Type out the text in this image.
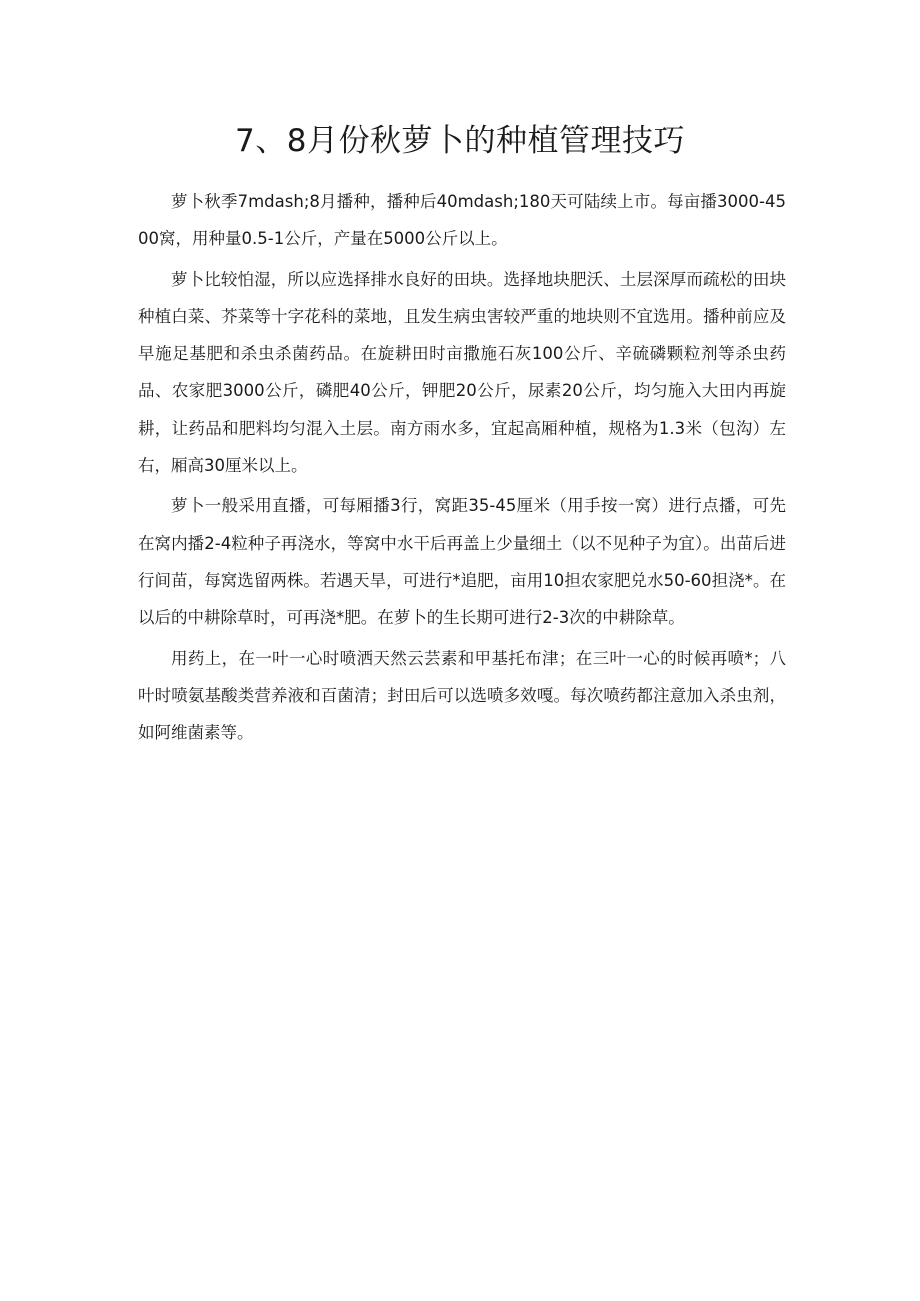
7、8月份秋萝卜的种植管理技巧

萝卜秋季7mdash;8月播种，播种后40mdash;180天可陆续上市。每亩播3000-4500窝，用种量0.5-1公斤，产量在5000公斤以上。

萝卜比较怕湿，所以应选择排水良好的田块。选择地块肥沃、土层深厚而疏松的田块种植白菜、芥菜等十字花科的菜地，且发生病虫害较严重的地块则不宜选用。播种前应及早施足基肥和杀虫杀菌药品。在旋耕田时亩撒施石灰100公斤、辛硫磷颗粒剂等杀虫药品、农家肥3000公斤，磷肥40公斤，钾肥20公斤，尿素20公斤，均匀施入大田内再旋耕，让药品和肥料均匀混入土层。南方雨水多，宜起高厢种植，规格为1.3米（包沟）左右，厢高30厘米以上。

萝卜一般采用直播，可每厢播3行，窝距35-45厘米（用手按一窝）进行点播，可先在窝内播2-4粒种子再浇水，等窝中水干后再盖上少量细土（以不见种子为宜）。出苗后进行间苗，每窝选留两株。若遇天旱，可进行*追肥，亩用10担农家肥兑水50-60担浇*。在以后的中耕除草时，可再浇*肥。在萝卜的生长期可进行2-3次的中耕除草。

用药上，在一叶一心时喷洒天然云芸素和甲基托布津；在三叶一心的时候再喷*；八叶时喷氨基酸类营养液和百菌清；封田后可以选喷多效嘎。每次喷药都注意加入杀虫剂，如阿维菌素等。
